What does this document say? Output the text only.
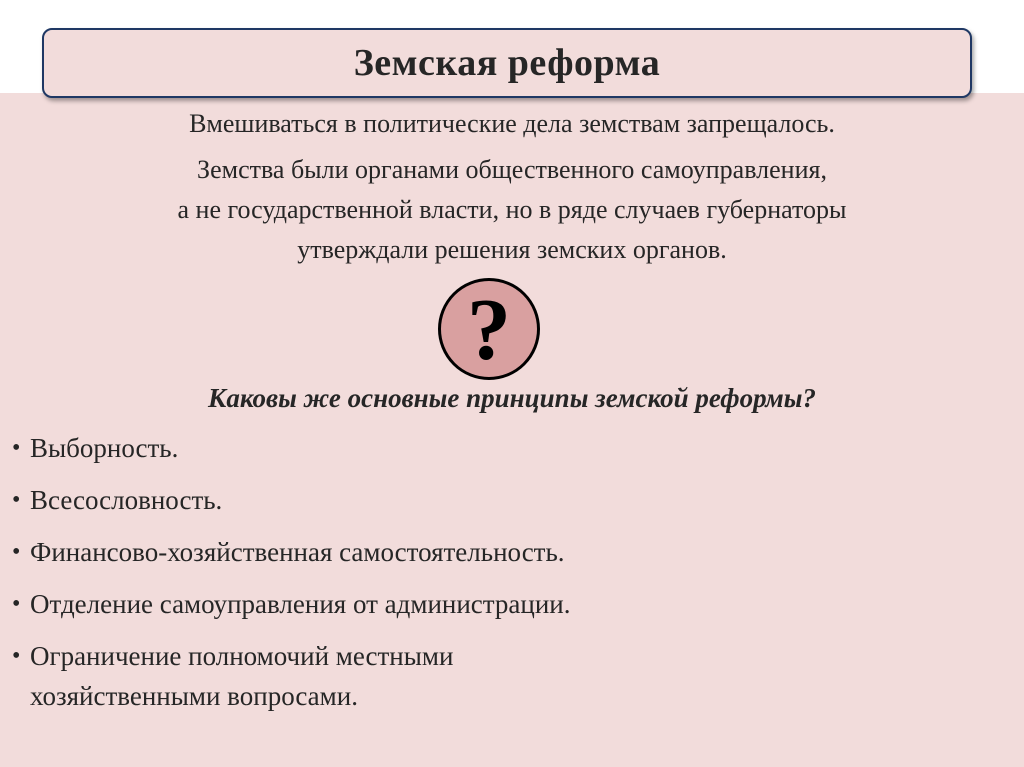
Земская реформа
Вмешиваться в политические дела земствам запрещалось.
Земства были органами общественного самоуправления,
а не государственной власти, но в ряде случаев губернаторы
утверждали решения земских органов.
?
Каковы же основные принципы земской реформы?
• Выборность.
• Всесословность.
• Финансово-хозяйственная самостоятельность.
• Отделение самоуправления от администрации.
• Ограничение полномочий местными
хозяйственными вопросами.
